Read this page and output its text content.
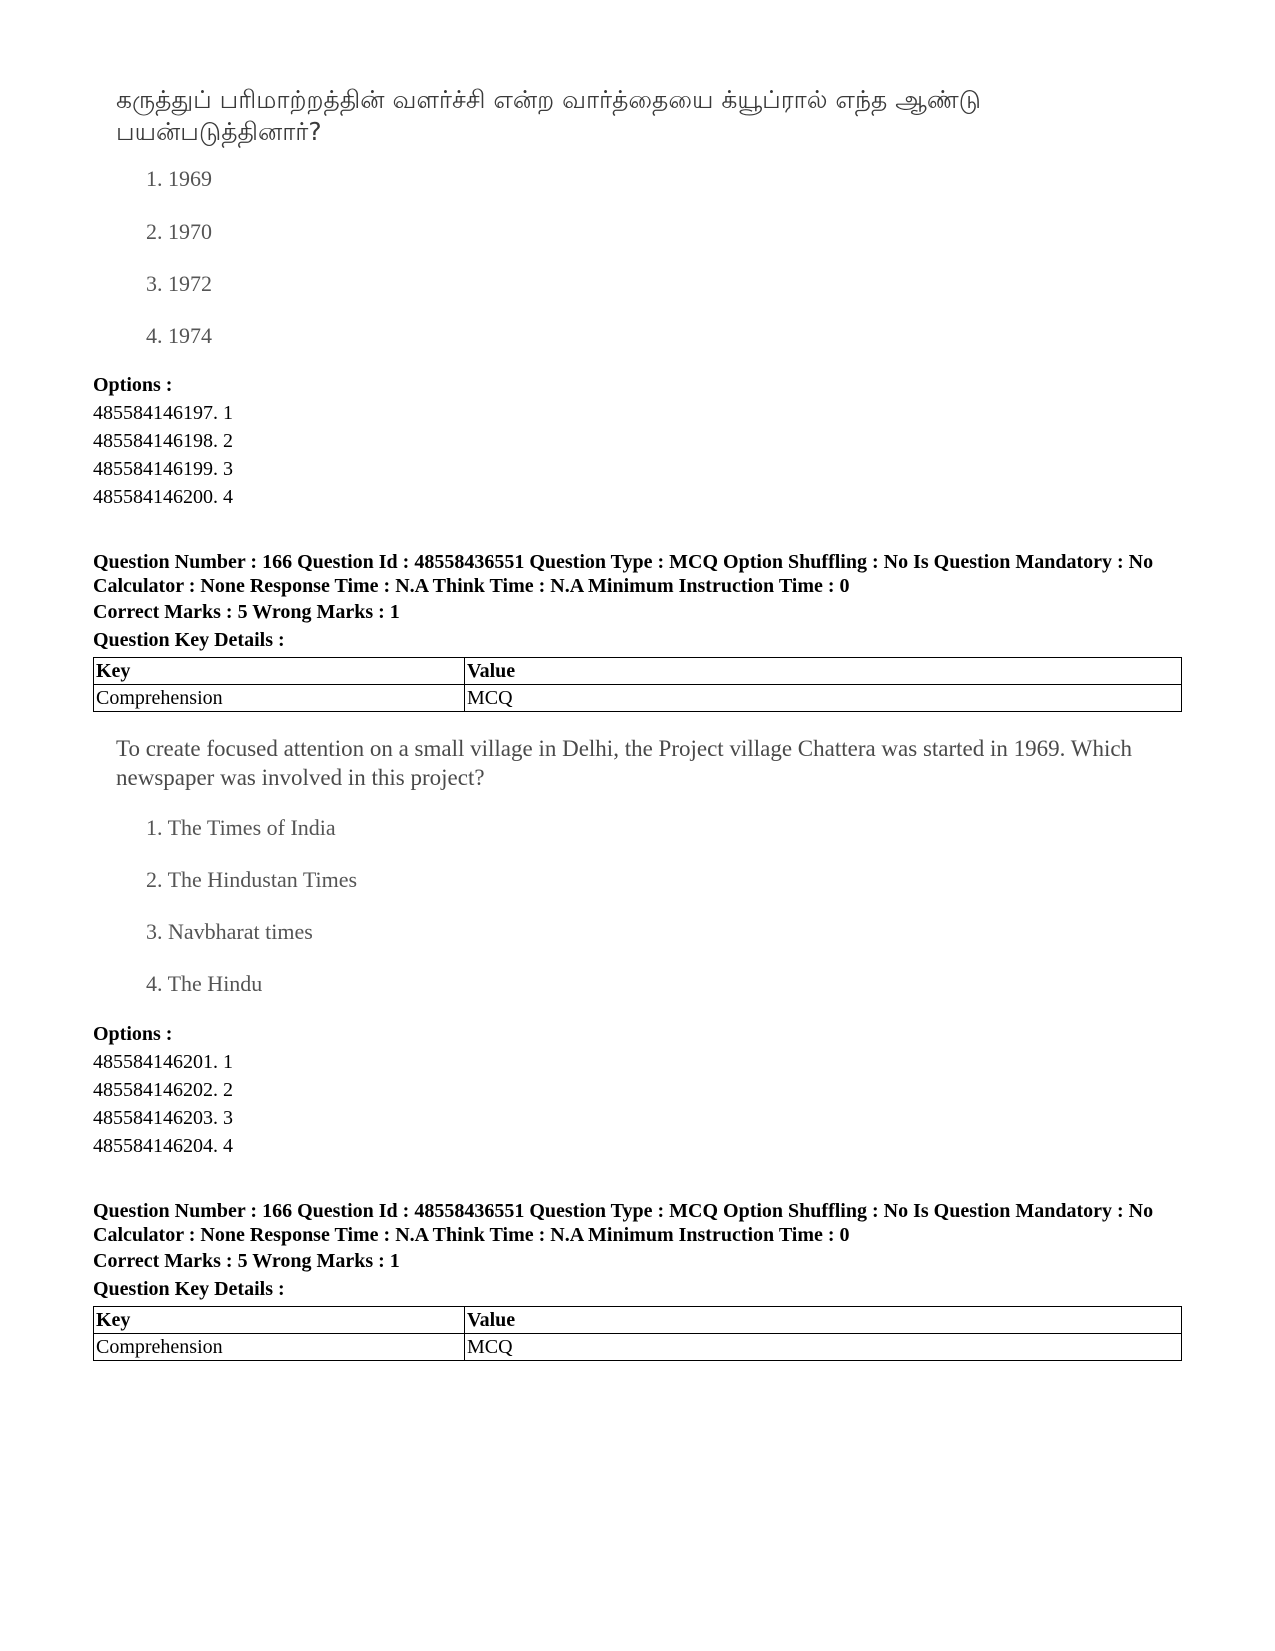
கருத்துப் பரிமாற்றத்தின் வளர்ச்சி என்ற வார்த்தையை க்யூப்ரால் எந்த ஆண்டு பயன்படுத்தினார்?
1. 1969
2. 1970
3. 1972
4. 1974
Options :
485584146197. 1
485584146198. 2
485584146199. 3
485584146200. 4
Question Number : 166 Question Id : 48558436551 Question Type : MCQ Option Shuffling : No Is Question Mandatory : No Calculator : None Response Time : N.A Think Time : N.A Minimum Instruction Time : 0
Correct Marks : 5 Wrong Marks : 1
Question Key Details :
Key	Value
Comprehension	MCQ
To create focused attention on a small village in Delhi, the Project village Chattera was started in 1969. Which newspaper was involved in this project?
1. The Times of India
2. The Hindustan Times
3. Navbharat times
4. The Hindu
Options :
485584146201. 1
485584146202. 2
485584146203. 3
485584146204. 4
Question Number : 166 Question Id : 48558436551 Question Type : MCQ Option Shuffling : No Is Question Mandatory : No Calculator : None Response Time : N.A Think Time : N.A Minimum Instruction Time : 0
Correct Marks : 5 Wrong Marks : 1
Question Key Details :
Key	Value
Comprehension	MCQ
